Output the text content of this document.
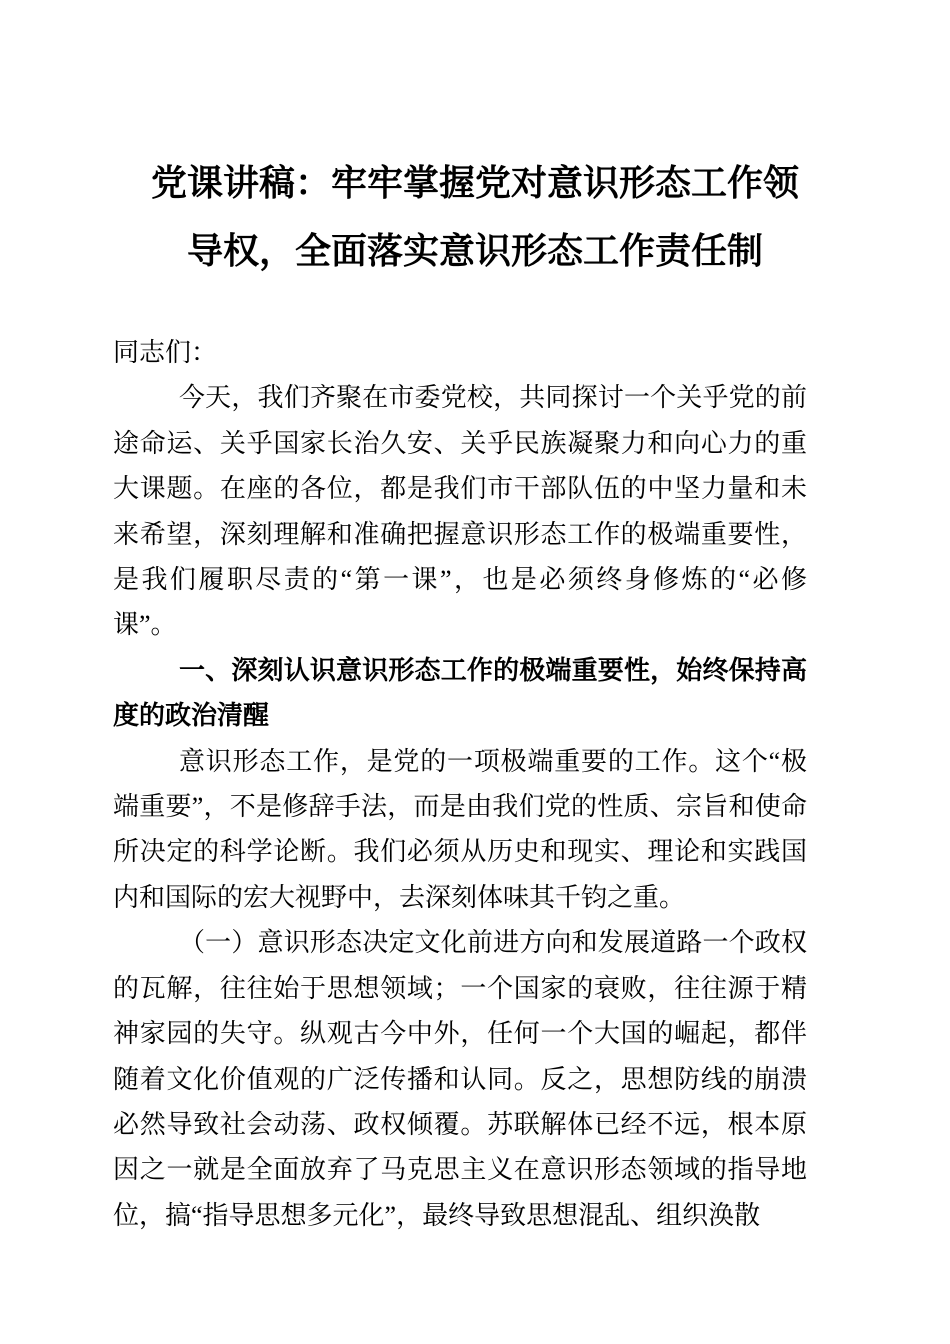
党课讲稿：牢牢掌握党对意识形态工作领导权，全面落实意识形态工作责任制

同志们：

今天，我们齐聚在市委党校，共同探讨一个关乎党的前途命运、关乎国家长治久安、关乎民族凝聚力和向心力的重大课题。在座的各位，都是我们市干部队伍的中坚力量和未来希望，深刻理解和准确把握意识形态工作的极端重要性，是我们履职尽责的“第一课”，也是必须终身修炼的“必修课”。

一、深刻认识意识形态工作的极端重要性，始终保持高度的政治清醒

意识形态工作，是党的一项极端重要的工作。这个“极端重要”，不是修辞手法，而是由我们党的性质、宗旨和使命所决定的科学论断。我们必须从历史和现实、理论和实践国内和国际的宏大视野中，去深刻体味其千钧之重。

（一）意识形态决定文化前进方向和发展道路一个政权的瓦解，往往始于思想领域；一个国家的衰败，往往源于精神家园的失守。纵观古今中外，任何一个大国的崛起，都伴随着文化价值观的广泛传播和认同。反之，思想防线的崩溃必然导致社会动荡、政权倾覆。苏联解体已经不远，根本原因之一就是全面放弃了马克思主义在意识形态领域的指导地位，搞“指导思想多元化”，最终导致思想混乱、组织涣散
